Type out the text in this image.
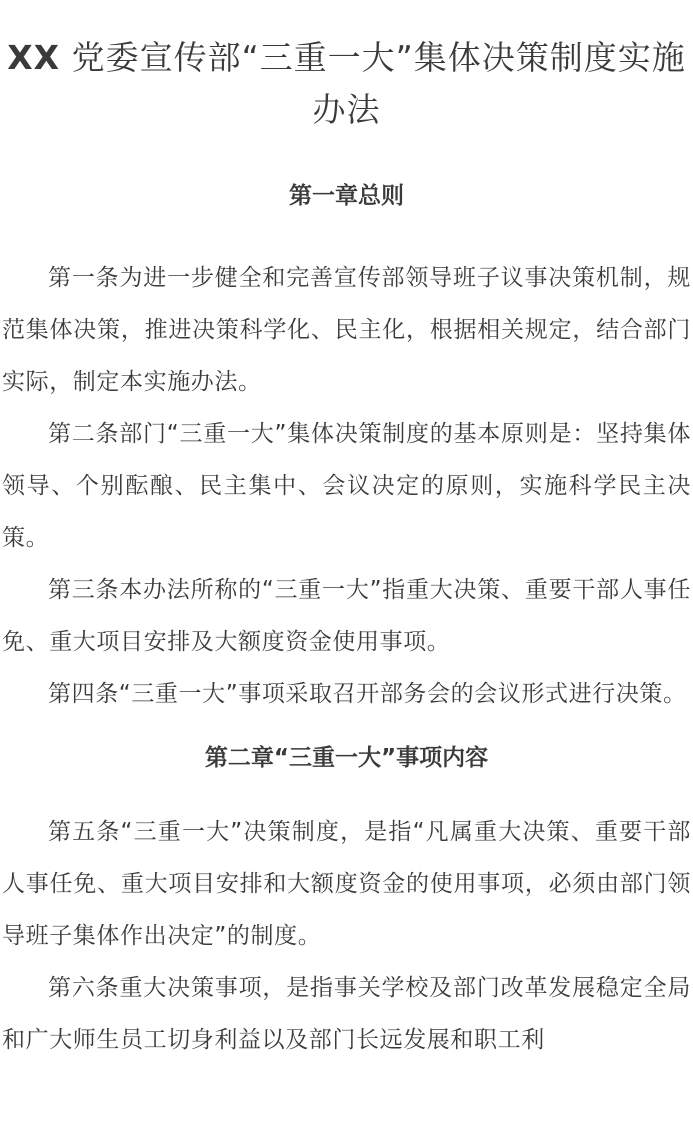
XX 党委宣传部“三重一大”集体决策制度实施办法
第一章总则

第一条为进一步健全和完善宣传部领导班子议事决策机制，规范集体决策，推进决策科学化、民主化，根据相关规定，结合部门实际，制定本实施办法。

第二条部门“三重一大”集体决策制度的基本原则是：坚持集体领导、个别酝酿、民主集中、会议决定的原则，实施科学民主决策。

第三条本办法所称的“三重一大”指重大决策、重要干部人事任免、重大项目安排及大额度资金使用事项。

第四条“三重一大”事项采取召开部务会的会议形式进行决策。

第二章“三重一大”事项内容

第五条“三重一大”决策制度，是指“凡属重大决策、重要干部人事任免、重大项目安排和大额度资金的使用事项，必须由部门领导班子集体作出决定”的制度。

第六条重大决策事项，是指事关学校及部门改革发展稳定全局和广大师生员工切身利益以及部门长远发展和职工利
